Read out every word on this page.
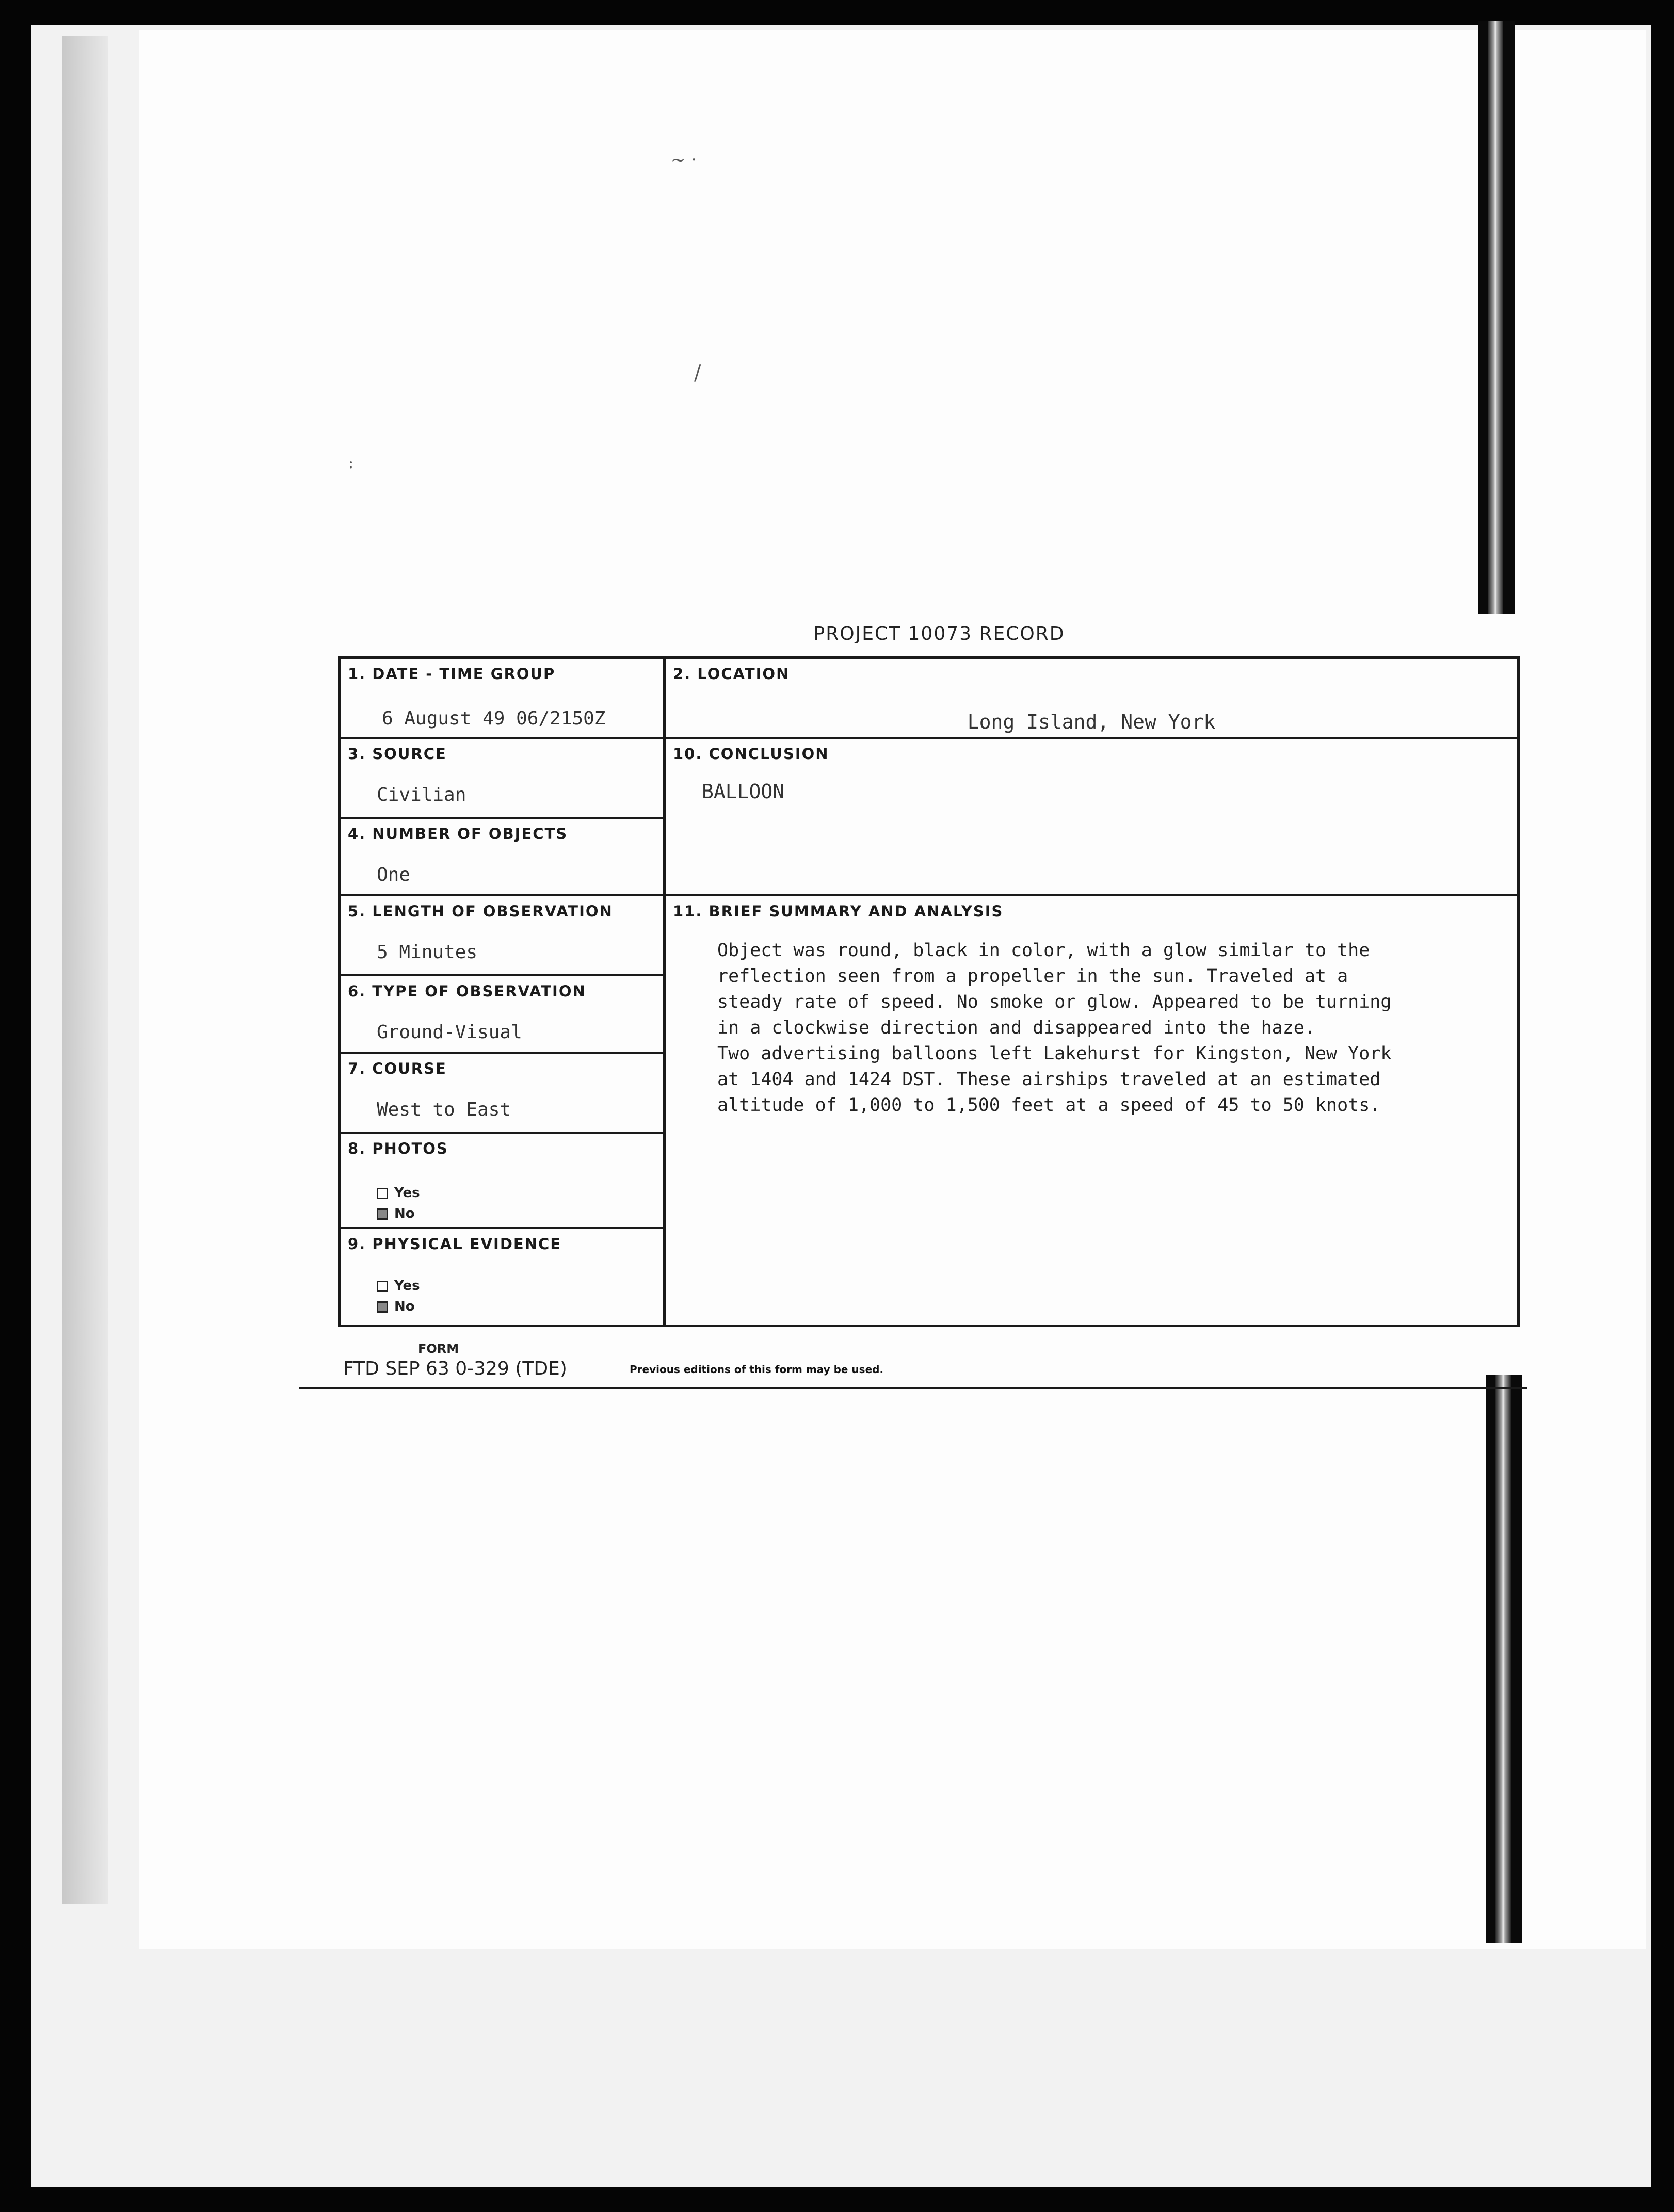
~ ·
/
:
PROJECT 10073 RECORD
1. DATE - TIME GROUP
6 August 49 06/2150Z
3. SOURCE
Civilian
4. NUMBER OF OBJECTS
One
5. LENGTH OF OBSERVATION
5 Minutes
6. TYPE OF OBSERVATION
Ground-Visual
7. COURSE
West to East
8. PHOTOS
Yes
No
9. PHYSICAL EVIDENCE
Yes
No
2. LOCATION
Long Island, New York
10. CONCLUSION
BALLOON
11. BRIEF SUMMARY AND ANALYSIS
Object was round, black in color, with a glow similar to the
reflection seen from a propeller in the sun. Traveled at a
steady rate of speed. No smoke or glow. Appeared to be turning
in a clockwise direction and disappeared into the haze.
Two advertising balloons left Lakehurst for Kingston, New York
at 1404 and 1424 DST. These airships traveled at an estimated
altitude of 1,000 to 1,500 feet at a speed of 45 to 50 knots.
FORM
FTD SEP 63 0-329 (TDE)	Previous editions of this form may be used.
